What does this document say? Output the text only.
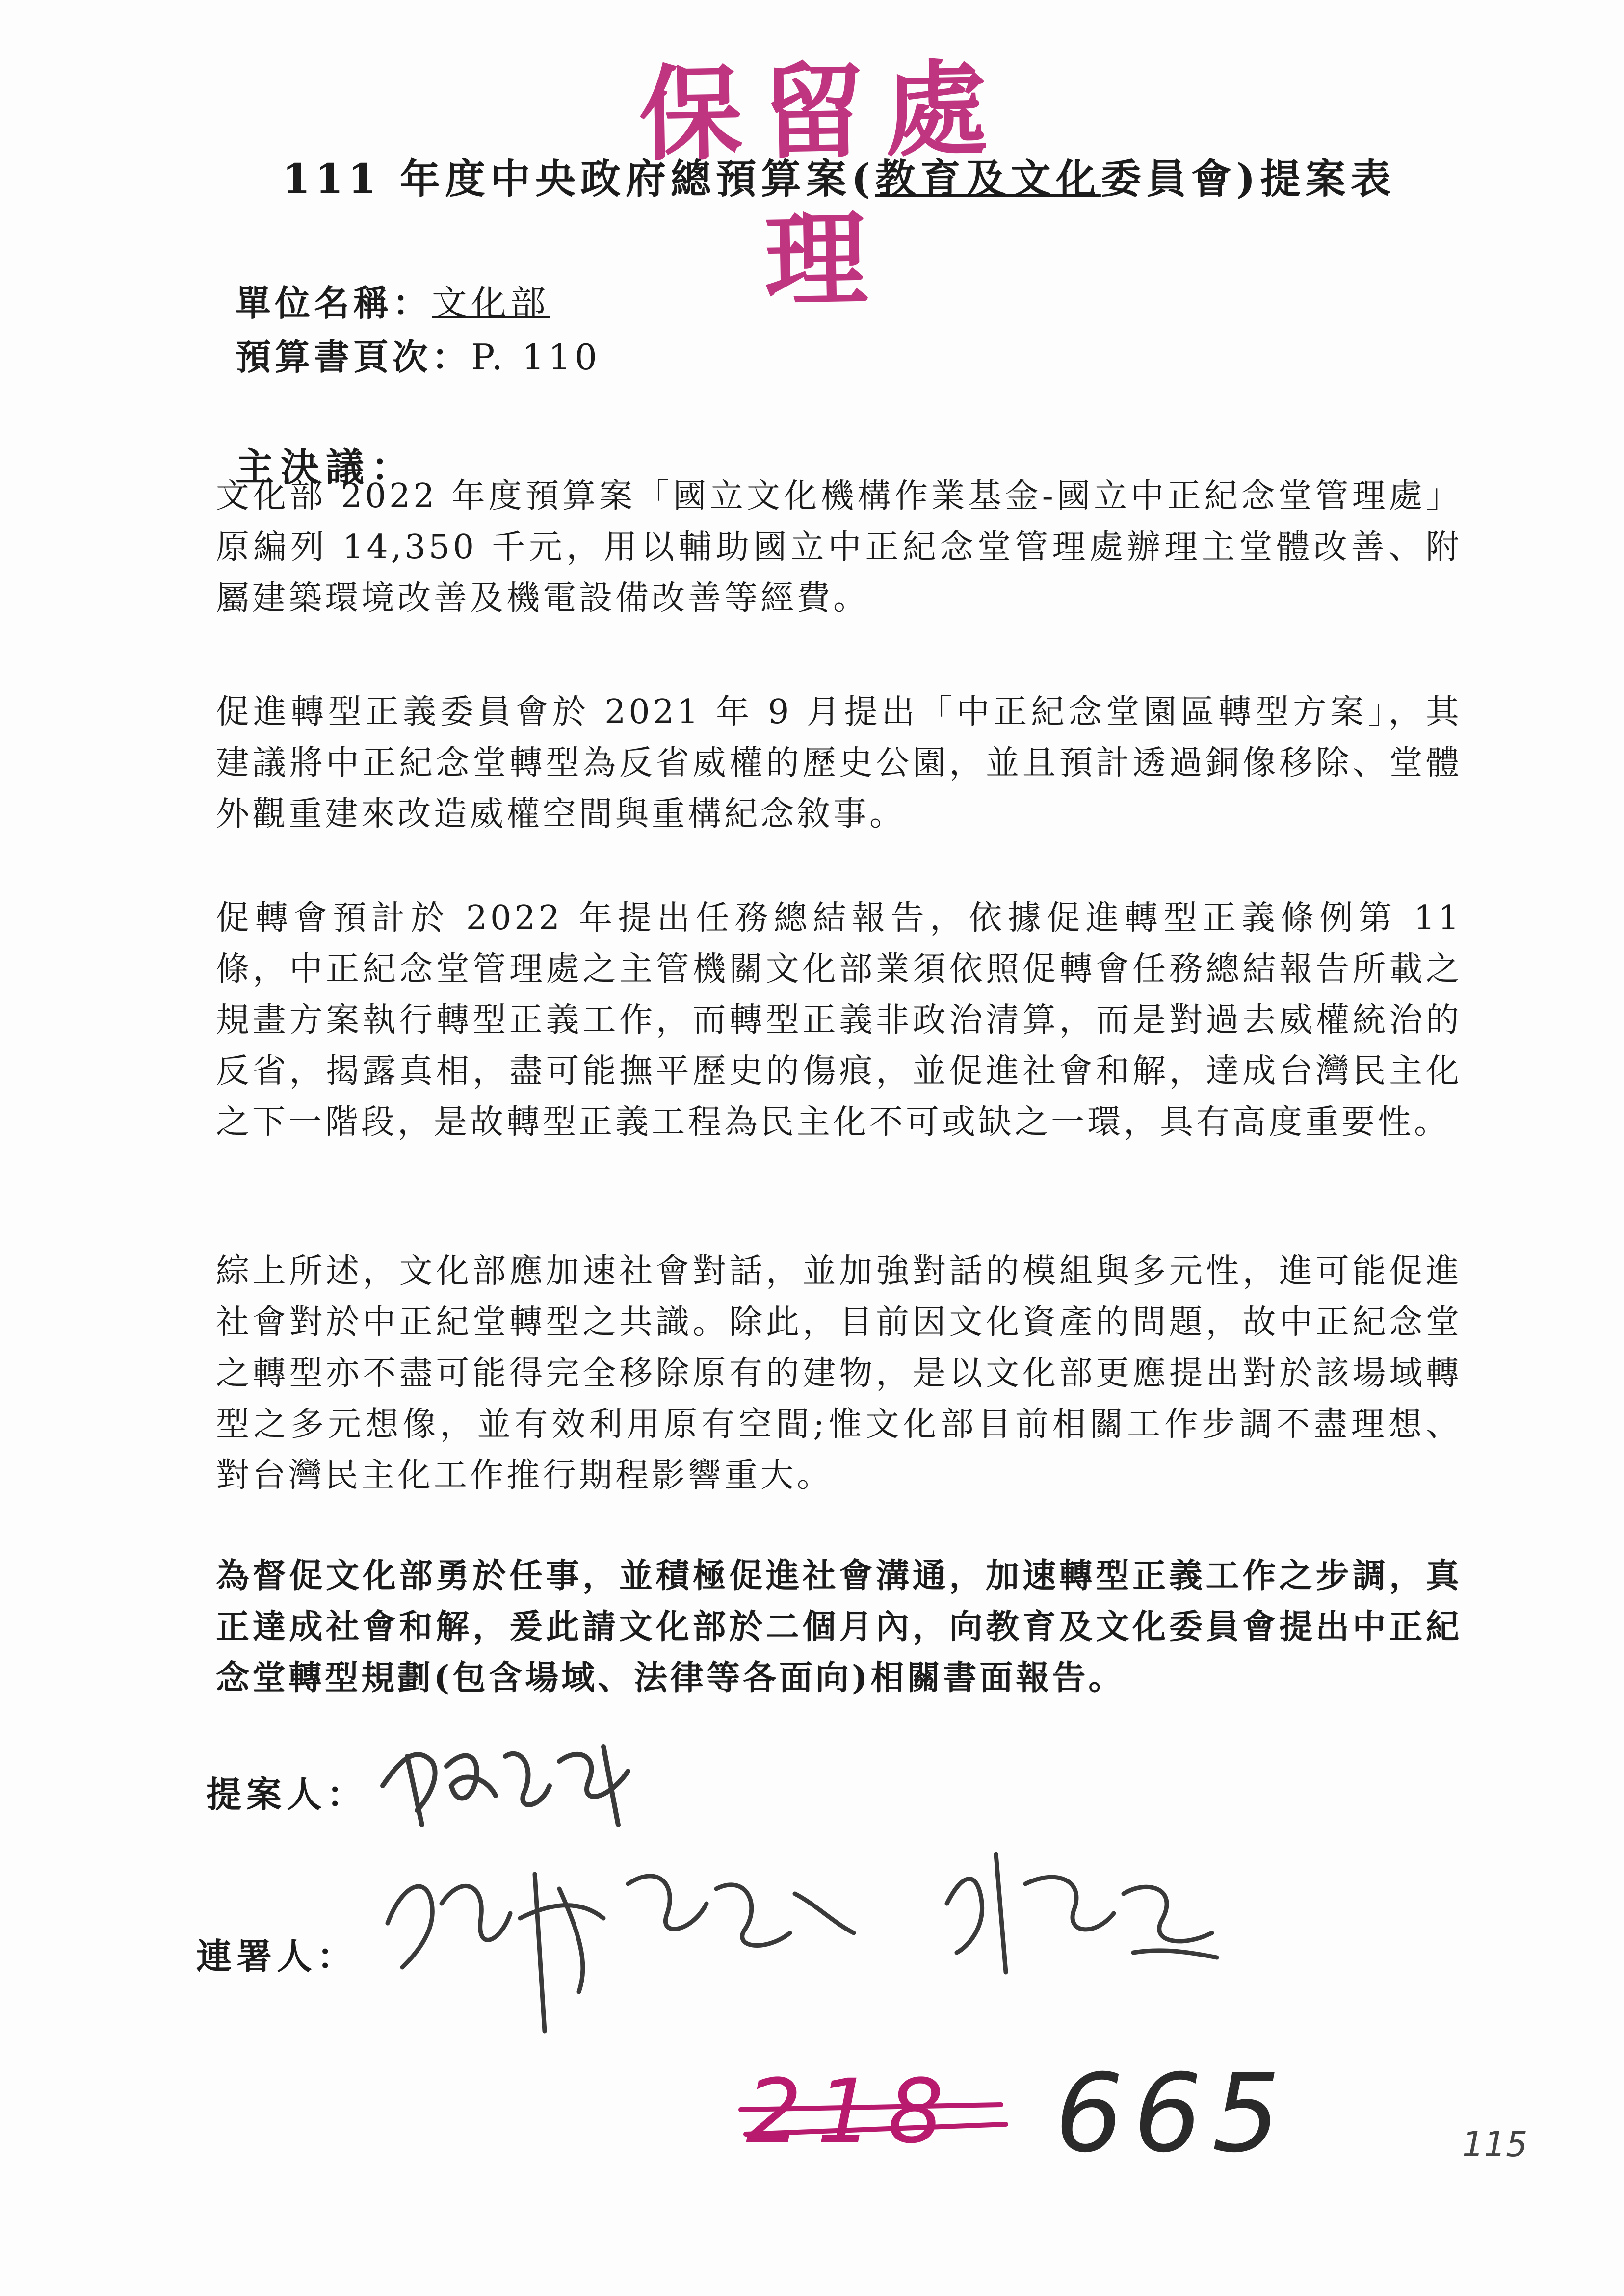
保留處理
111 年度中央政府總預算案(教育及文化委員會)提案表
單位名稱：文化部
預算書頁次：P. 110
主決議：

文化部 2022 年度預算案「國立文化機構作業基金-國立中正紀念堂管理處」原編列 14,350 千元，用以輔助國立中正紀念堂管理處辦理主堂體改善、附屬建築環境改善及機電設備改善等經費。

促進轉型正義委員會於 2021 年 9 月提出「中正紀念堂園區轉型方案」，其建議將中正紀念堂轉型為反省威權的歷史公園，並且預計透過銅像移除、堂體外觀重建來改造威權空間與重構紀念敘事。

促轉會預計於 2022 年提出任務總結報告，依據促進轉型正義條例第 11 條，中正紀念堂管理處之主管機關文化部業須依照促轉會任務總結報告所載之規畫方案執行轉型正義工作，而轉型正義非政治清算，而是對過去威權統治的反省，揭露真相，盡可能撫平歷史的傷痕，並促進社會和解，達成台灣民主化之下一階段，是故轉型正義工程為民主化不可或缺之一環，具有高度重要性。

綜上所述，文化部應加速社會對話，並加強對話的模組與多元性，進可能促進社會對於中正紀堂轉型之共識。除此，目前因文化資產的問題，故中正紀念堂之轉型亦不盡可能得完全移除原有的建物，是以文化部更應提出對於該場域轉型之多元想像，並有效利用原有空間;惟文化部目前相關工作步調不盡理想、對台灣民主化工作推行期程影響重大。

為督促文化部勇於任事，並積極促進社會溝通，加速轉型正義工作之步調，真正達成社會和解，爰此請文化部於二個月內，向教育及文化委員會提出中正紀念堂轉型規劃(包含場域、法律等各面向)相關書面報告。

提案人：
連署人：
218 665	115
